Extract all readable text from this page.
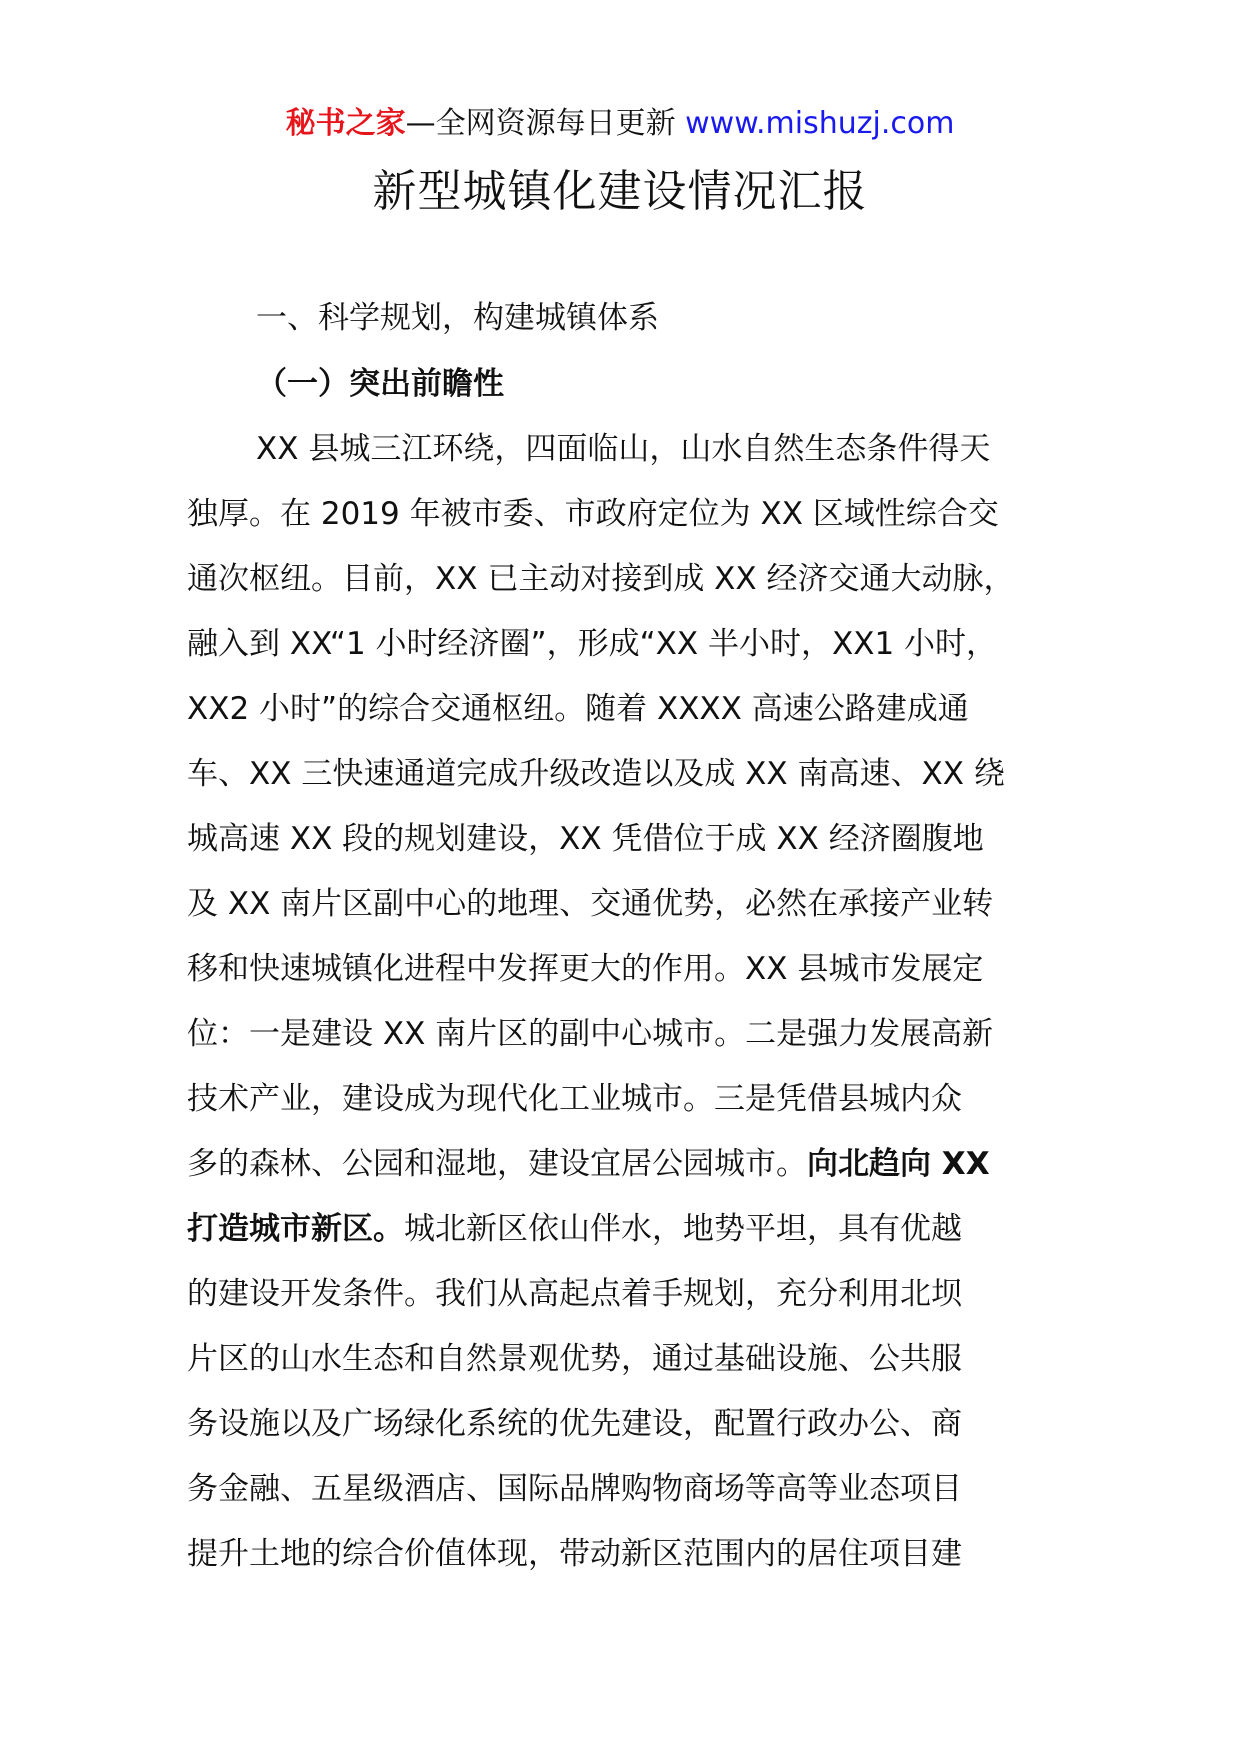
秘书之家—全网资源每日更新 www.mishuzj.com
新型城镇化建设情况汇报
一、科学规划，构建城镇体系
（一）突出前瞻性
XX 县城三江环绕，四面临山，山水自然生态条件得天
独厚。在 2019 年被市委、市政府定位为 XX 区域性综合交
通次枢纽。目前，XX 已主动对接到成 XX 经济交通大动脉，
融入到 XX“1 小时经济圈”，形成“XX 半小时，XX1 小时，
XX2 小时”的综合交通枢纽。随着 XXXX 高速公路建成通
车、XX 三快速通道完成升级改造以及成 XX 南高速、XX 绕
城高速 XX 段的规划建设，XX 凭借位于成 XX 经济圈腹地
及 XX 南片区副中心的地理、交通优势，必然在承接产业转
移和快速城镇化进程中发挥更大的作用。XX 县城市发展定
位：一是建设 XX 南片区的副中心城市。二是强力发展高新
技术产业，建设成为现代化工业城市。三是凭借县城内众
多的森林、公园和湿地，建设宜居公园城市。向北趋向 XX
打造城市新区。城北新区依山伴水，地势平坦，具有优越
的建设开发条件。我们从高起点着手规划，充分利用北坝
片区的山水生态和自然景观优势，通过基础设施、公共服
务设施以及广场绿化系统的优先建设，配置行政办公、商
务金融、五星级酒店、国际品牌购物商场等高等业态项目
提升土地的综合价值体现，带动新区范围内的居住项目建
